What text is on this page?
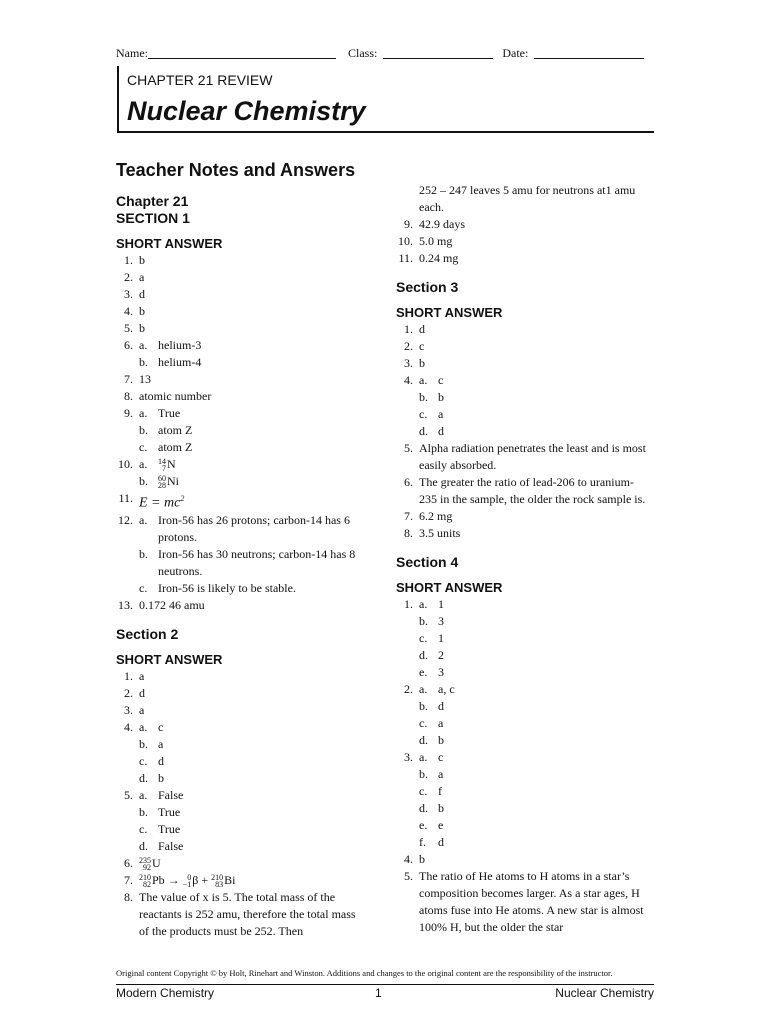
Name:	Class:	Date:
CHAPTER 21 REVIEW
Nuclear Chemistry
Teacher Notes and Answers
Chapter 21
SECTION 1
SHORT ANSWER
1. b
2. a
3. d
4. b
5. b
6. a. helium-3
b. helium-4
7. 13
8. atomic number
9. a. True
b. atom Z
c. atom Z
10. a.	14
7N
b.	60
28Ni
11. $E = mc^2$
12. a. Iron-56 has 26 protons; carbon-14 has 6 protons.
b. Iron-56 has 30 neutrons; carbon-14 has 8 neutrons.
c. Iron-56 is likely to be stable.
13. 0.172 46 amu
Section 2
SHORT ANSWER
1. a
2. d
3. a
4. a. c
b. a
c. d
d. b
5. a. False
b. True
c. True
d. False
6. 235
92U
7. 210
82Pb → 0
−1β + 210
83Bi
8. The value of x is 5. The total mass of the reactants is 252 amu, therefore the total mass of the products must be 252. Then
252 – 247 leaves 5 amu for neutrons at1 amu each.
9. 42.9 days
10. 5.0 mg
11. 0.24 mg
Section 3
SHORT ANSWER
1. d
2. c
3. b
4. a. c
b. b
c. a
d. d
5. Alpha radiation penetrates the least and is most easily absorbed.
6. The greater the ratio of lead-206 to uranium-235 in the sample, the older the rock sample is.
7. 6.2 mg
8. 3.5 units
Section 4
SHORT ANSWER
1. a. 1
b. 3
c. 1
d. 2
e. 3
2. a. a, c
b. d
c. a
d. b
3. a. c
b. a
c. f
d. b
e. e
f.	d
4. b
5. The ratio of He atoms to H atoms in a star’s composition becomes larger. As a star ages, H atoms fuse into He atoms. A new star is almost 100% H, but the older the star
Original content Copyright © by Holt, Rinehart and Winston. Additions and changes to the original content are the responsibility of the instructor.
Modern Chemistry	1	Nuclear Chemistry
